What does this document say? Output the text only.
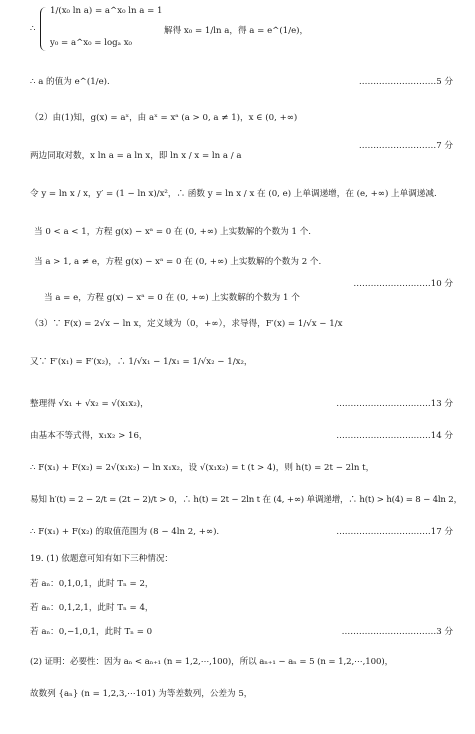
∴
1/(x₀ ln a) = a^x₀ ln a = 1
y₀ = a^x₀ = logₐ x₀
解得 x₀ = 1/ln a，得 a = e^(1/e)，
∴ a 的值为 e^(1/e).	………………………5 分
（2）由(1)知，g(x) = aˣ，由 aˣ = xᵃ (a > 0, a ≠ 1)，x ∈ (0, +∞)
两边同取对数，x ln a = a ln x，即 ln x / x = ln a / a
………………………7 分
令 y = ln x / x，y′ = (1 − ln x)/x²，∴ 函数 y = ln x / x 在 (0, e) 上单调递增，在 (e, +∞) 上单调递减.
当 0 < a < 1，方程 g(x) − xᵃ = 0 在 (0, +∞) 上实数解的个数为 1 个.
当 a > 1, a ≠ e，方程 g(x) − xᵃ = 0 在 (0, +∞) 上实数解的个数为 2 个.
………………………10 分
当 a = e，方程 g(x) − xᵃ = 0 在 (0, +∞) 上实数解的个数为 1 个
（3）∵ F(x) = 2√x − ln x，定义域为（0，+∞），求导得，F′(x) = 1/√x − 1/x
又∵ F′(x₁) = F′(x₂)，∴ 1/√x₁ − 1/x₁ = 1/√x₂ − 1/x₂，
整理得 √x₁ + √x₂ = √(x₁x₂)，	……………………………13 分
由基本不等式得，x₁x₂ > 16，	……………………………14 分
∴ F(x₁) + F(x₂) = 2√(x₁x₂) − ln x₁x₂，设 √(x₁x₂) = t (t > 4)，则 h(t) = 2t − 2ln t，
易知 h′(t) = 2 − 2/t = (2t − 2)/t > 0，∴ h(t) = 2t − 2ln t 在 (4, +∞) 单调递增，∴ h(t) > h(4) = 8 − 4ln 2，
∴ F(x₁) + F(x₂) 的取值范围为 (8 − 4ln 2, +∞).	……………………………17 分
19. (1) 依题意可知有如下三种情况：
若 aₙ：0,1,0,1，此时 Tₙ = 2，
若 aₙ：0,1,2,1，此时 Tₙ = 4，
若 aₙ：0,−1,0,1，此时 Tₙ = 0	……………………………3 分
(2) 证明：必要性：因为 aₙ < aₙ₊₁ (n = 1,2,⋯,100)，所以 aₙ₊₁ − aₙ = 5 (n = 1,2,⋯,100)，
故数列 {aₙ} (n = 1,2,3,⋯101) 为等差数列，公差为 5，
